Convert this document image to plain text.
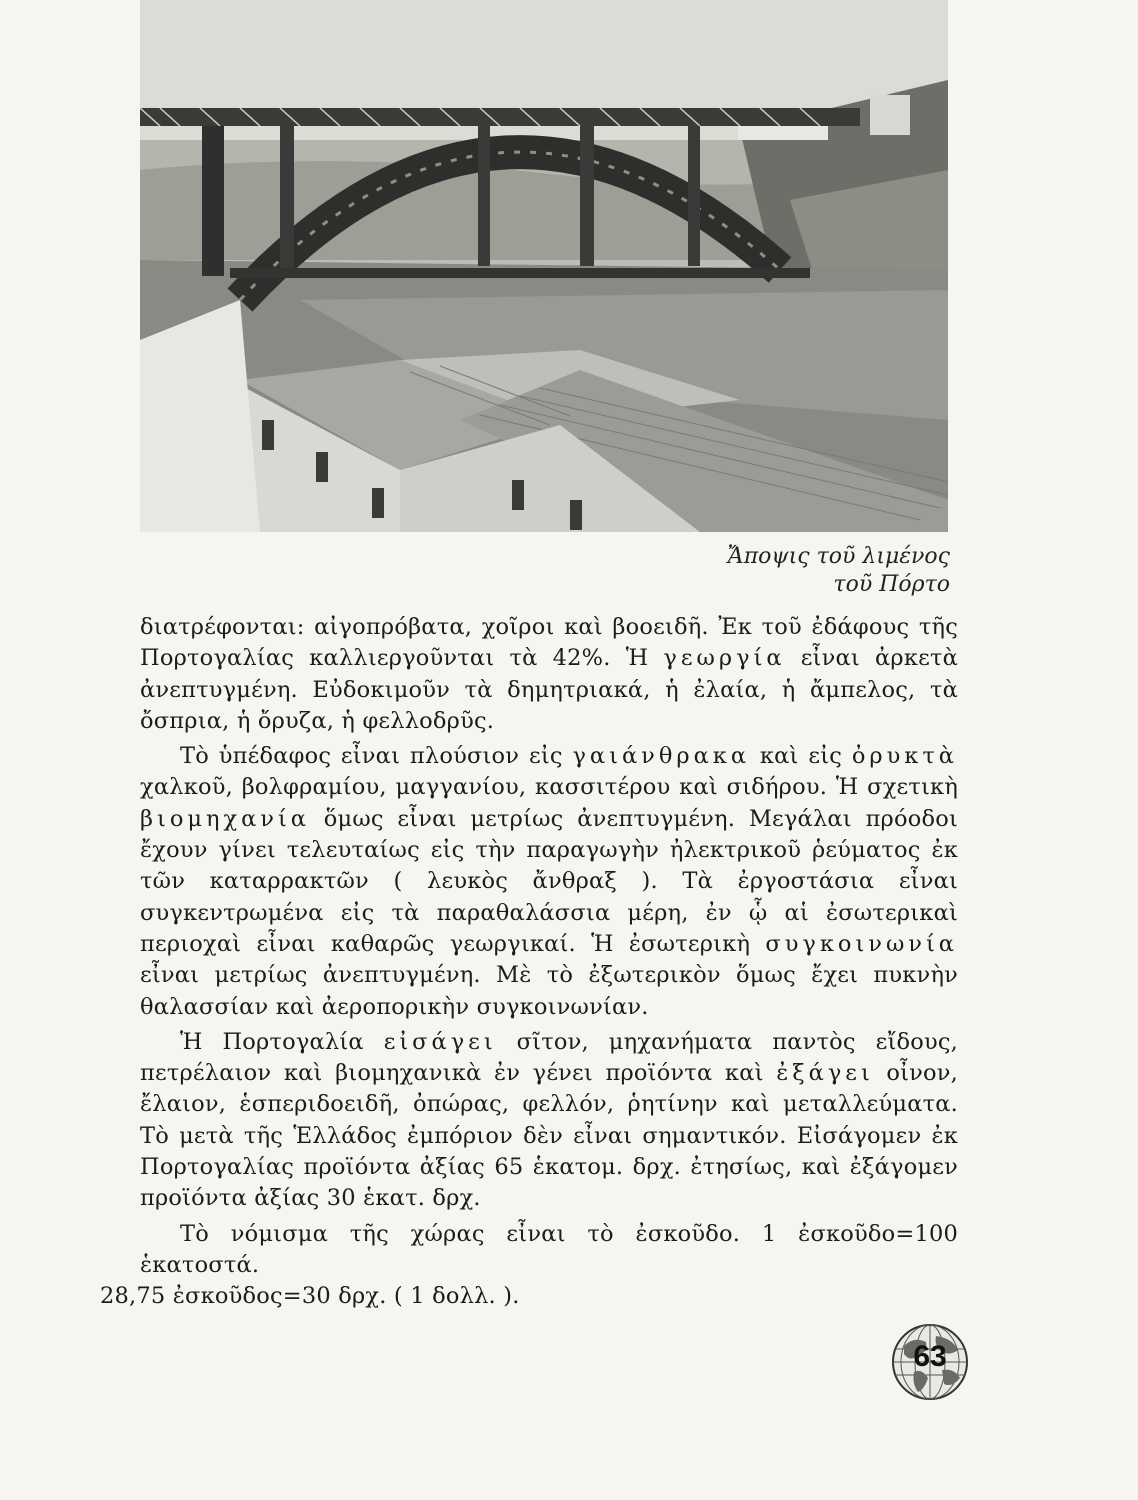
Ἄποψις τοῦ λιμένος
τοῦ Πόρτο

διατρέφονται: αἰγοπρόβατα, χοῖροι καὶ βοοειδῆ. Ἐκ τοῦ ἐδάφους τῆς Πορτογαλίας καλλιεργοῦνται τὰ 42%. Ἡ γεωργία εἶναι ἀρκετὰ ἀνεπτυγμένη. Εὐδοκιμοῦν τὰ δημητριακά, ἡ ἐλαία, ἡ ἄμπελος, τὰ ὄσπρια, ἡ ὄρυζα, ἡ φελλοδρῦς.

Τὸ ὑπέδαφος εἶναι πλούσιον εἰς γαιάνθρακα καὶ εἰς ὀρυκτὰ χαλκοῦ, βολφραμίου, μαγγανίου, κασσιτέρου καὶ σιδήρου. Ἡ σχετικὴ βιομηχανία ὅμως εἶναι μετρίως ἀνεπτυγμένη. Μεγάλαι πρόοδοι ἔχουν γίνει τελευταίως εἰς τὴν παραγωγὴν ἠλεκτρικοῦ ῥεύματος ἐκ τῶν καταρρακτῶν ( λευκὸς ἄνθραξ ). Τὰ ἐργοστάσια εἶναι συγκεντρωμένα εἰς τὰ παραθαλάσσια μέρη, ἐν ᾧ αἱ ἐσωτερικαὶ περιοχαὶ εἶναι καθαρῶς γεωργικαί. Ἡ ἐσωτερικὴ συγκοινωνία εἶναι μετρίως ἀνεπτυγμένη. Μὲ τὸ ἐξωτερικὸν ὅμως ἔχει πυκνὴν θαλασσίαν καὶ ἀεροπορικὴν συγκοινωνίαν.

Ἡ Πορτογαλία εἰσάγει σῖτον, μηχανήματα παντὸς εἴδους, πετρέλαιον καὶ βιομηχανικὰ ἐν γένει προϊόντα καὶ ἐξάγει οἶνον, ἔλαιον, ἑσπεριδοειδῆ, ὀπώρας, φελλόν, ῥητίνην καὶ μεταλλεύματα. Τὸ μετὰ τῆς Ἑλλάδος ἐμπόριον δὲν εἶναι σημαντικόν. Εἰσάγομεν ἐκ Πορτογαλίας προϊόντα ἀξίας 65 ἑκατομ. δρχ. ἐτησίως, καὶ ἐξάγομεν προϊόντα ἀξίας 30 ἑκατ. δρχ.

Τὸ νόμισμα τῆς χώρας εἶναι τὸ ἐσκοῦδο. 1 ἐσκοῦδο=100 ἑκατοστά.
28,75 ἐσκοῦδος=30 δρχ. ( 1 δολλ. ).

63
